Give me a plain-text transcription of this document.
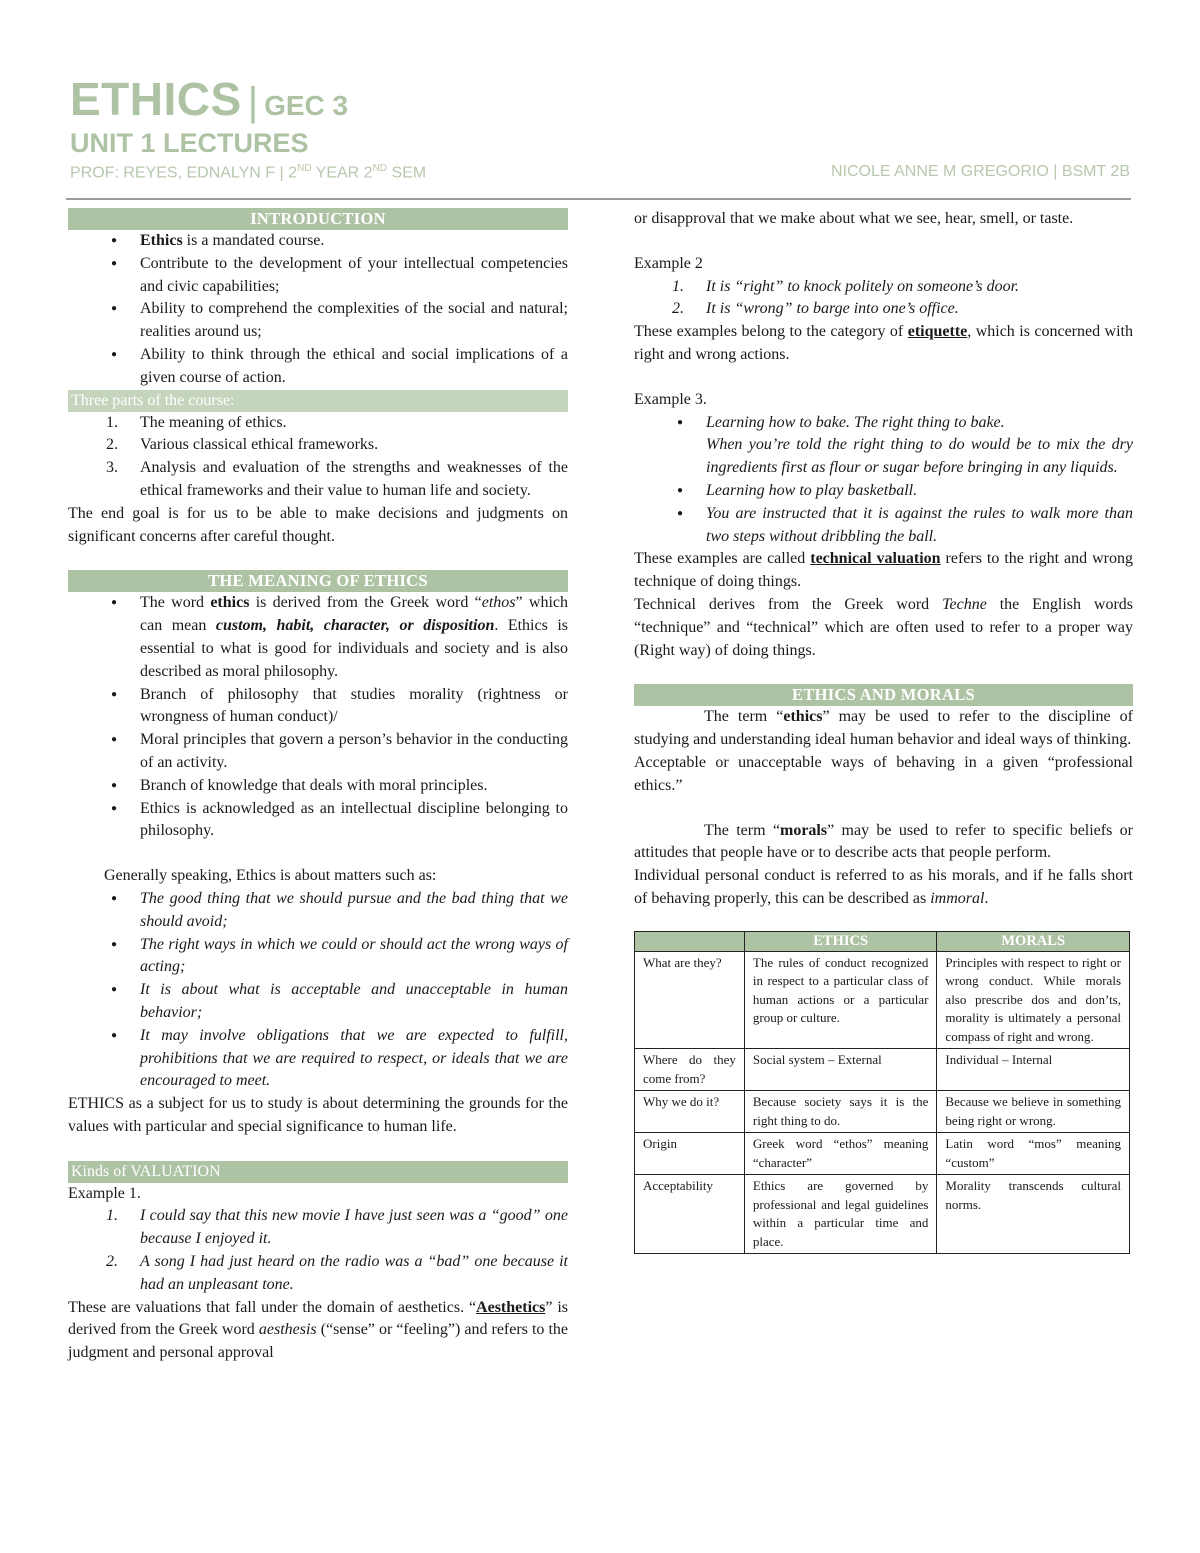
ETHICS | GEC 3
UNIT 1 LECTURES
PROF: REYES, EDNALYN F | 2ND YEAR 2ND SEM	NICOLE ANNE M GREGORIO | BSMT 2B
INTRODUCTION
● Ethics is a mandated course.
● Contribute to the development of your intellectual competencies and civic capabilities;
● Ability to comprehend the complexities of the social and natural; realities around us;
● Ability to think through the ethical and social implications of a given course of action.
Three parts of the course:
1. The meaning of ethics.
2. Various classical ethical frameworks.
3. Analysis and evaluation of the strengths and weaknesses of the ethical frameworks and their value to human life and society.

The end goal is for us to be able to make decisions and judgments on significant concerns after careful thought.

THE MEANING OF ETHICS
● The word ethics is derived from the Greek word “ethos” which can mean custom, habit, character, or disposition. Ethics is essential to what is good for individuals and society and is also described as moral philosophy.
● Branch of philosophy that studies morality (rightness or wrongness of human conduct)/
● Moral principles that govern a person’s behavior in the conducting of an activity.
● Branch of knowledge that deals with moral principles.
● Ethics is acknowledged as an intellectual discipline belonging to philosophy.

Generally speaking, Ethics is about matters such as:

● The good thing that we should pursue and the bad thing that we should avoid;
● The right ways in which we could or should act the wrong ways of acting;
● It is about what is acceptable and unacceptable in human behavior;
● It may involve obligations that we are expected to fulfill, prohibitions that we are required to respect, or ideals that we are encouraged to meet.

ETHICS as a subject for us to study is about determining the grounds for the values with particular and special significance to human life.

Kinds of VALUATION

Example 1.

1. I could say that this new movie I have just seen was a “good” one because I enjoyed it.
2. A song I had just heard on the radio was a “bad” one because it had an unpleasant tone.

These are valuations that fall under the domain of aesthetics. “Aesthetics” is derived from the Greek word aesthesis (“sense” or “feeling”) and refers to the judgment and personal approval

or disapproval that we make about what we see, hear, smell, or taste.

Example 2

1. It is “right” to knock politely on someone’s door.
2. It is “wrong” to barge into one’s office.

These examples belong to the category of etiquette, which is concerned with right and wrong actions.

Example 3.

● Learning how to bake. The right thing to bake.
When you’re told the right thing to do would be to mix the dry ingredients first as flour or sugar before bringing in any liquids.
● Learning how to play basketball.
● You are instructed that it is against the rules to walk more than two steps without dribbling the ball.

These examples are called technical valuation refers to the right and wrong technique of doing things.

Technical derives from the Greek word Techne the English words “technique” and “technical” which are often used to refer to a proper way (Right way) of doing things.

ETHICS AND MORALS

The term “ethics” may be used to refer to the discipline of studying and understanding ideal human behavior and ideal ways of thinking.

Acceptable or unacceptable ways of behaving in a given “professional ethics.”

The term “morals” may be used to refer to specific beliefs or attitudes that people have or to describe acts that people perform.

Individual personal conduct is referred to as his morals, and if he falls short of behaving properly, this can be described as immoral.

	ETHICS	MORALS
What are they?	The rules of conduct recognized in respect to a particular class of human actions or a particular group or culture.	Principles with respect to right or wrong conduct. While morals also prescribe dos and don’ts, morality is ultimately a personal compass of right and wrong.
Where do they come from?	Social system – External	Individual – Internal
Why we do it?	Because society says it is the right thing to do.	Because we believe in something being right or wrong.
Origin	Greek word “ethos” meaning “character”	Latin word “mos” meaning “custom”
Acceptability	Ethics are governed by professional and legal guidelines within a particular time and place.	Morality transcends cultural norms.
